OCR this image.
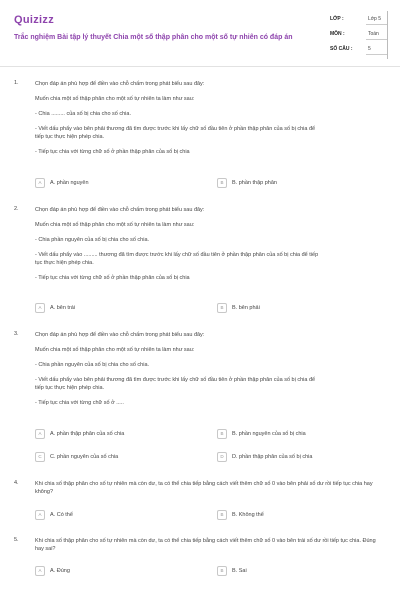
Quizizz
Trắc nghiệm Bài tập lý thuyết Chia một số thập phân cho một số tự nhiên có đáp án
LỚP :	Lớp 5
MÔN :	Toán
SỐ CÂU :	5
1.	Chọn đáp án phù hợp để điền vào chỗ chấm trong phát biểu sau đây:
Muốn chia một số thập phân cho một số tự nhiên ta làm như sau:
- Chia ......... của số bị chia cho số chia.
- Viết dấu phẩy vào bên phải thương đã tìm được trước khi lấy chữ số đầu tiên ở phần thập phân của số bị chia để
tiếp tục thực hiện phép chia.
- Tiếp tục chia với từng chữ số ở phần thập phân của số bị chia
A	A. phần nguyên	B	B. phần thập phân
2.	Chọn đáp án phù hợp để điền vào chỗ chấm trong phát biểu sau đây:
Muốn chia một số thập phân cho một số tự nhiên ta làm như sau:
- Chia phần nguyên của số bị chia cho số chia.
- Viết dấu phẩy vào ......... thương đã tìm được trước khi lấy chữ số đầu tiên ở phần thập phân của số bị chia để tiếp
tục thực hiện phép chia.
- Tiếp tục chia với từng chữ số ở phần thập phân của số bị chia
A	A. bên trái	B	B. bên phải
3.	Chọn đáp án phù hợp để điền vào chỗ chấm trong phát biểu sau đây:
Muốn chia một số thập phân cho một số tự nhiên ta làm như sau:
- Chia phần nguyên của số bị chia cho số chia.
- Viết dấu phẩy vào bên phải thương đã tìm được trước khi lấy chữ số đầu tiên ở phần thập phân của số bị chia để
tiếp tục thực hiện phép chia.
- Tiếp tục chia với từng chữ số ở .....
A	A. phần thập phân của số chia	B	B. phần nguyên của số bị chia
C	C. phần nguyên của số chia	D	D. phần thập phân của số bị chia
4.	Khi chia số thập phân cho số tự nhiên mà còn dư, ta có thể chia tiếp bằng cách viết thêm chữ số 0 vào bên phải số dư rồi tiếp tục chia hay không?
A	A. Có thể	B	B. Không thể
5.	Khi chia số thập phân cho số tự nhiên mà còn dư, ta có thể chia tiếp bằng cách viết thêm chữ số 0 vào bên trái số dư rồi tiếp tục chia. Đúng hay sai?
A	A. Đúng	B	B. Sai
